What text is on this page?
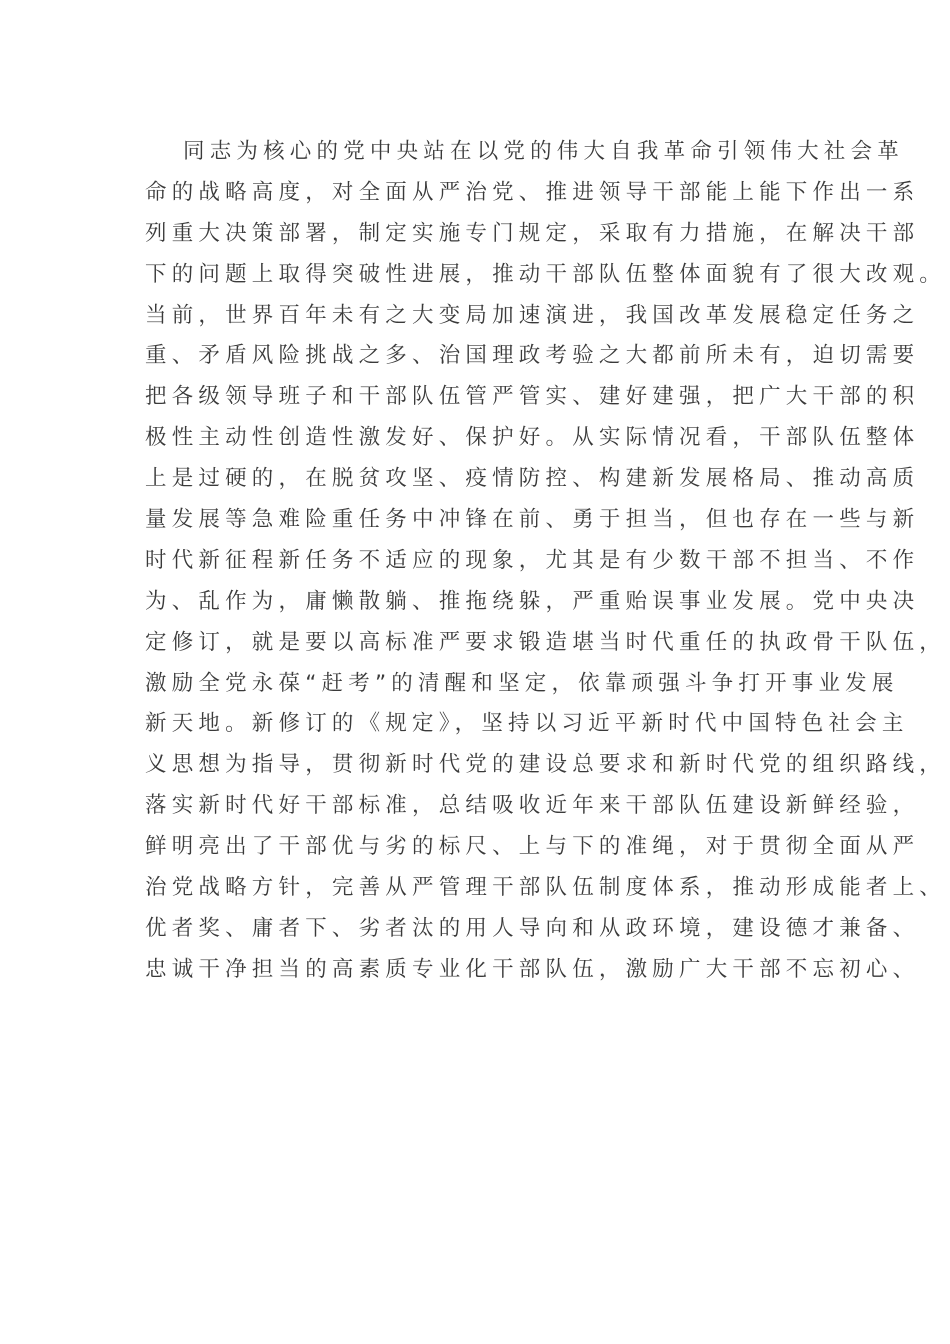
同志为核心的党中央站在以党的伟大自我革命引领伟大社会革
命的战略高度，对全面从严治党、推进领导干部能上能下作出一系
列重大决策部署，制定实施专门规定，采取有力措施，在解决干部
下的问题上取得突破性进展，推动干部队伍整体面貌有了很大改观。
当前，世界百年未有之大变局加速演进，我国改革发展稳定任务之
重、矛盾风险挑战之多、治国理政考验之大都前所未有，迫切需要
把各级领导班子和干部队伍管严管实、建好建强，把广大干部的积
极性主动性创造性激发好、保护好。从实际情况看，干部队伍整体
上是过硬的，在脱贫攻坚、疫情防控、构建新发展格局、推动高质
量发展等急难险重任务中冲锋在前、勇于担当，但也存在一些与新
时代新征程新任务不适应的现象，尤其是有少数干部不担当、不作
为、乱作为，庸懒散躺、推拖绕躲，严重贻误事业发展。党中央决
定修订，就是要以高标准严要求锻造堪当时代重任的执政骨干队伍，
激励全党永葆“赶考”的清醒和坚定，依靠顽强斗争打开事业发展
新天地。新修订的《规定》，坚持以习近平新时代中国特色社会主
义思想为指导，贯彻新时代党的建设总要求和新时代党的组织路线，
落实新时代好干部标准，总结吸收近年来干部队伍建设新鲜经验，
鲜明亮出了干部优与劣的标尺、上与下的准绳，对于贯彻全面从严
治党战略方针，完善从严管理干部队伍制度体系，推动形成能者上、
优者奖、庸者下、劣者汰的用人导向和从政环境，建设德才兼备、
忠诚干净担当的高素质专业化干部队伍，激励广大干部不忘初心、
